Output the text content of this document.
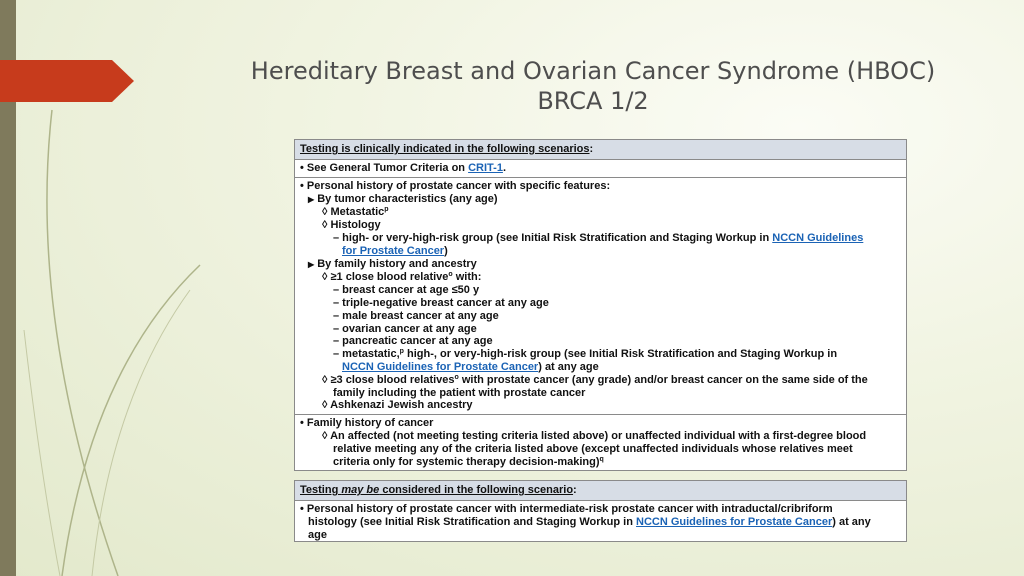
Hereditary Breast and Ovarian Cancer Syndrome (HBOC)
BRCA 1/2
Testing is clinically indicated in the following scenarios:
• See General Tumor Criteria on CRIT-1.
• Personal history of prostate cancer with specific features:
▶ By tumor characteristics (any age)
◊ Metastatic$^p$
◊ Histology
– high- or very-high-risk group (see Initial Risk Stratification and Staging Workup in NCCN Guidelines
for Prostate Cancer)
▶ By family history and ancestry
◊ ≥1 close blood relative$^o$ with:
– breast cancer at age ≤50 y
– triple-negative breast cancer at any age
– male breast cancer at any age
– ovarian cancer at any age
– pancreatic cancer at any age
– metastatic,$^p$ high-, or very-high-risk group (see Initial Risk Stratification and Staging Workup in
NCCN Guidelines for Prostate Cancer) at any age
◊ ≥3 close blood relatives$^o$ with prostate cancer (any grade) and/or breast cancer on the same side of the
family including the patient with prostate cancer
◊ Ashkenazi Jewish ancestry
• Family history of cancer
◊ An affected (not meeting testing criteria listed above) or unaffected individual with a first-degree blood
relative meeting any of the criteria listed above (except unaffected individuals whose relatives meet
criteria only for systemic therapy decision-making)$^q$
Testing may be considered in the following scenario:
• Personal history of prostate cancer with intermediate-risk prostate cancer with intraductal/cribriform
histology (see Initial Risk Stratification and Staging Workup in NCCN Guidelines for Prostate Cancer) at any
age
